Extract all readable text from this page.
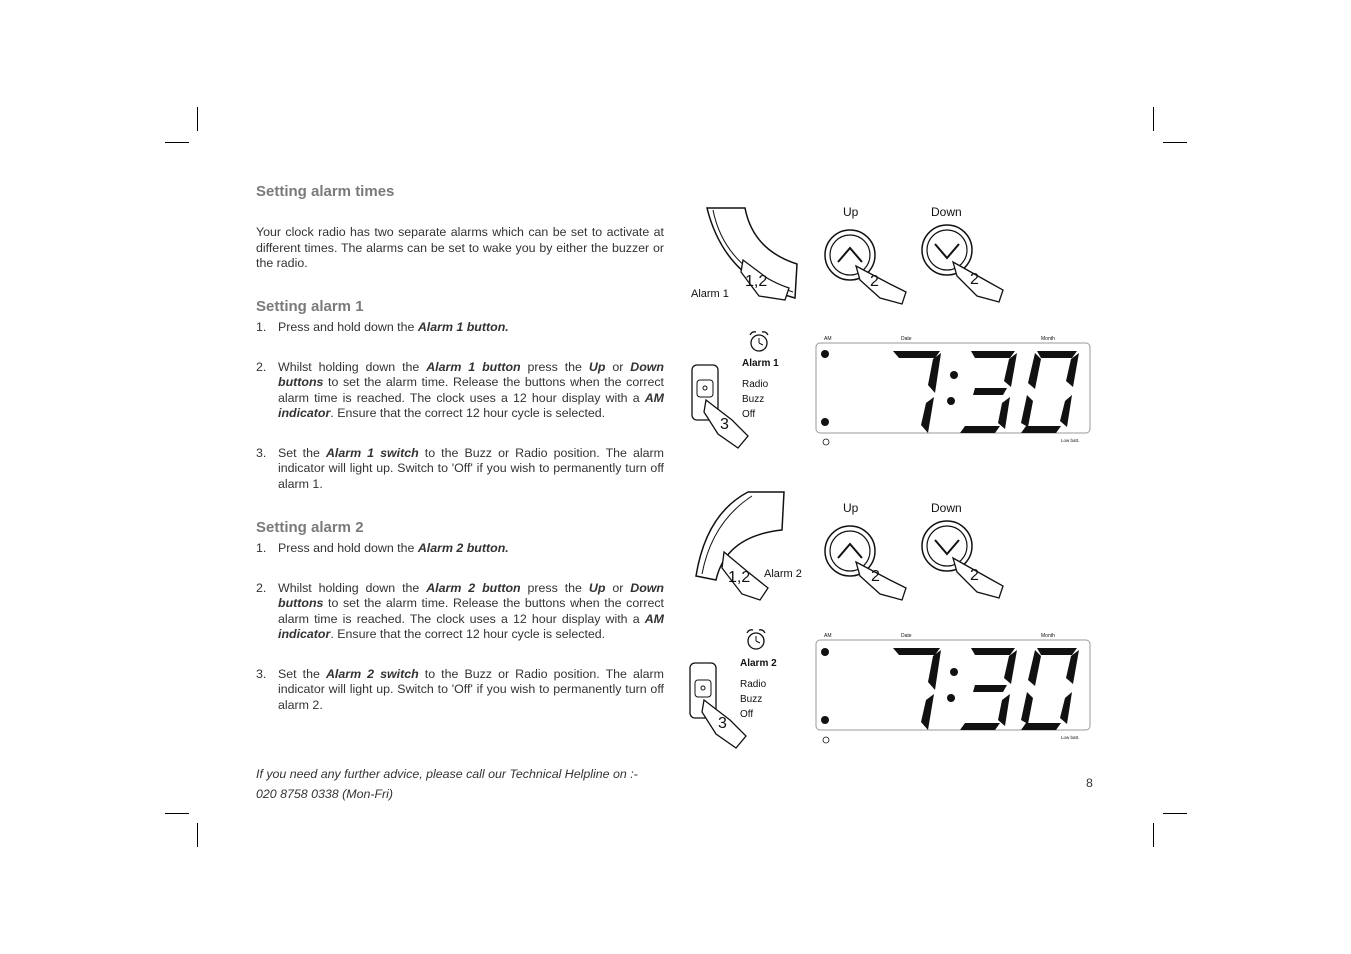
Setting alarm times
Your clock radio has two separate alarms which can be set to activate at different times. The alarms can be set to wake you by either the buzzer or the radio.
Setting alarm 1
1. Press and hold down the Alarm 1 button.
2. Whilst holding down the Alarm 1 button press the Up or Down buttons to set the alarm time. Release the buttons when the correct alarm time is reached. The clock uses a 12 hour display with a AM indicator. Ensure that the correct 12 hour cycle is selected.
3. Set the Alarm 1 switch to the Buzz or Radio position. The alarm indicator will light up. Switch to 'Off' if you wish to permanently turn off alarm 1.
Setting alarm 2
1. Press and hold down the Alarm 2 button.
2. Whilst holding down the Alarm 2 button press the Up or Down buttons to set the alarm time. Release the buttons when the correct alarm time is reached. The clock uses a 12 hour display with a AM indicator. Ensure that the correct 12 hour cycle is selected.
3. Set the Alarm 2 switch to the Buzz or Radio position. The alarm indicator will light up. Switch to 'Off' if you wish to permanently turn off alarm 2.
If you need any further advice, please call our Technical Helpline on :-
020 8758 0338 (Mon-Fri)
8
1,2
Alarm 1
Up
2
Down
2
Alarm 1
Radio
Buzz
Off
3
AM	Date	Month
Low batt.
1,2 Alarm 2
Up
2
Down
2
Alarm 2
Radio
Buzz
Off
3
AM	Date	Month
Low batt.
